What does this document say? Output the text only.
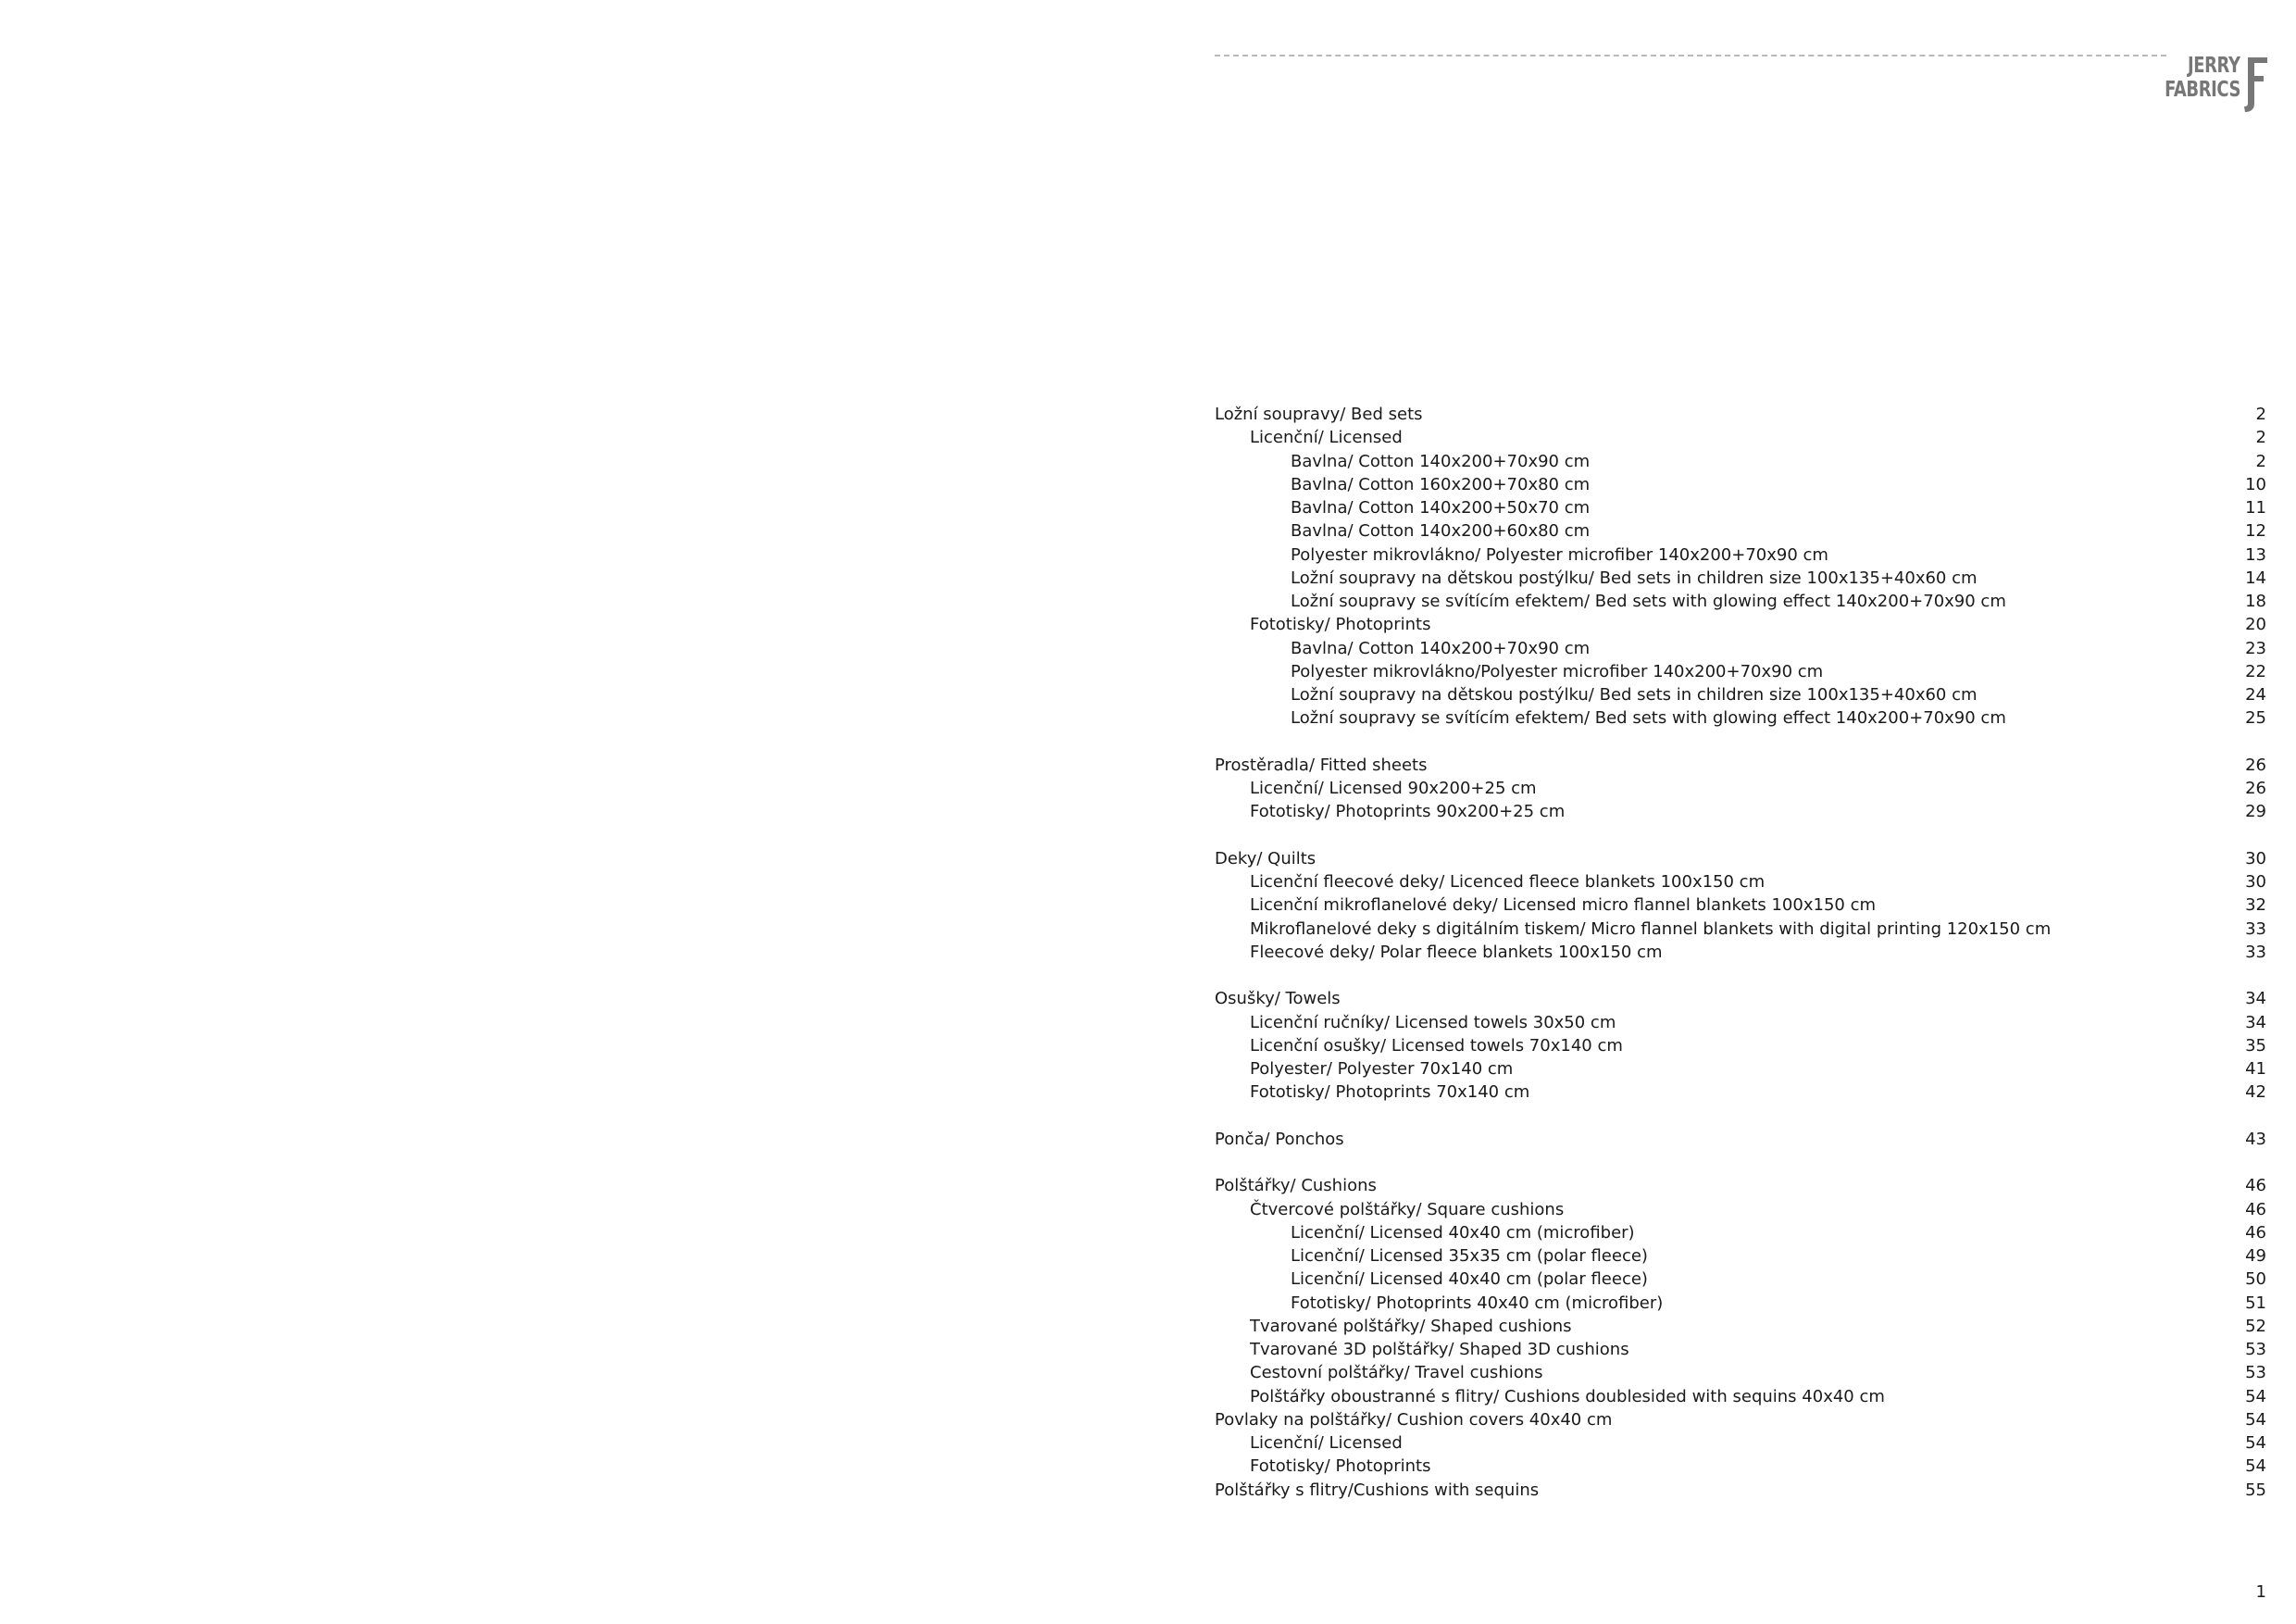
JERRY
FABRICS
Ložní soupravy/ Bed sets	2
Licenční/ Licensed	2
Bavlna/ Cotton 140x200+70x90 cm	2
Bavlna/ Cotton 160x200+70x80 cm	10
Bavlna/ Cotton 140x200+50x70 cm	11
Bavlna/ Cotton 140x200+60x80 cm	12
Polyester mikrovlákno/ Polyester microfiber 140x200+70x90 cm	13
Ložní soupravy na dětskou postýlku/ Bed sets in children size 100x135+40x60 cm	14
Ložní soupravy se svítícím efektem/ Bed sets with glowing effect 140x200+70x90 cm	18
Fototisky/ Photoprints	20
Bavlna/ Cotton 140x200+70x90 cm	23
Polyester mikrovlákno/Polyester microfiber 140x200+70x90 cm	22
Ložní soupravy na dětskou postýlku/ Bed sets in children size 100x135+40x60 cm	24
Ložní soupravy se svítícím efektem/ Bed sets with glowing effect 140x200+70x90 cm	25
Prostěradla/ Fitted sheets	26
Licenční/ Licensed 90x200+25 cm	26
Fototisky/ Photoprints 90x200+25 cm	29
Deky/ Quilts	30
Licenční fleecové deky/ Licenced fleece blankets 100x150 cm	30
Licenční mikroflanelové deky/ Licensed micro flannel blankets 100x150 cm	32
Mikroflanelové deky s digitálním tiskem/ Micro flannel blankets with digital printing 120x150 cm	33
Fleecové deky/ Polar fleece blankets 100x150 cm	33
Osušky/ Towels	34
Licenční ručníky/ Licensed towels 30x50 cm	34
Licenční osušky/ Licensed towels 70x140 cm	35
Polyester/ Polyester 70x140 cm	41
Fototisky/ Photoprints 70x140 cm	42
Ponča/ Ponchos	43
Polštářky/ Cushions	46
Čtvercové polštářky/ Square cushions	46
Licenční/ Licensed 40x40 cm (microfiber)	46
Licenční/ Licensed 35x35 cm (polar fleece)	49
Licenční/ Licensed 40x40 cm (polar fleece)	50
Fototisky/ Photoprints 40x40 cm (microfiber)	51
Tvarované polštářky/ Shaped cushions	52
Tvarované 3D polštářky/ Shaped 3D cushions	53
Cestovní polštářky/ Travel cushions	53
Polštářky oboustranné s flitry/ Cushions doublesided with sequins 40x40 cm	54
Povlaky na polštářky/ Cushion covers 40x40 cm	54
Licenční/ Licensed	54
Fototisky/ Photoprints	54
Polštářky s flitry/Cushions with sequins	55
1
